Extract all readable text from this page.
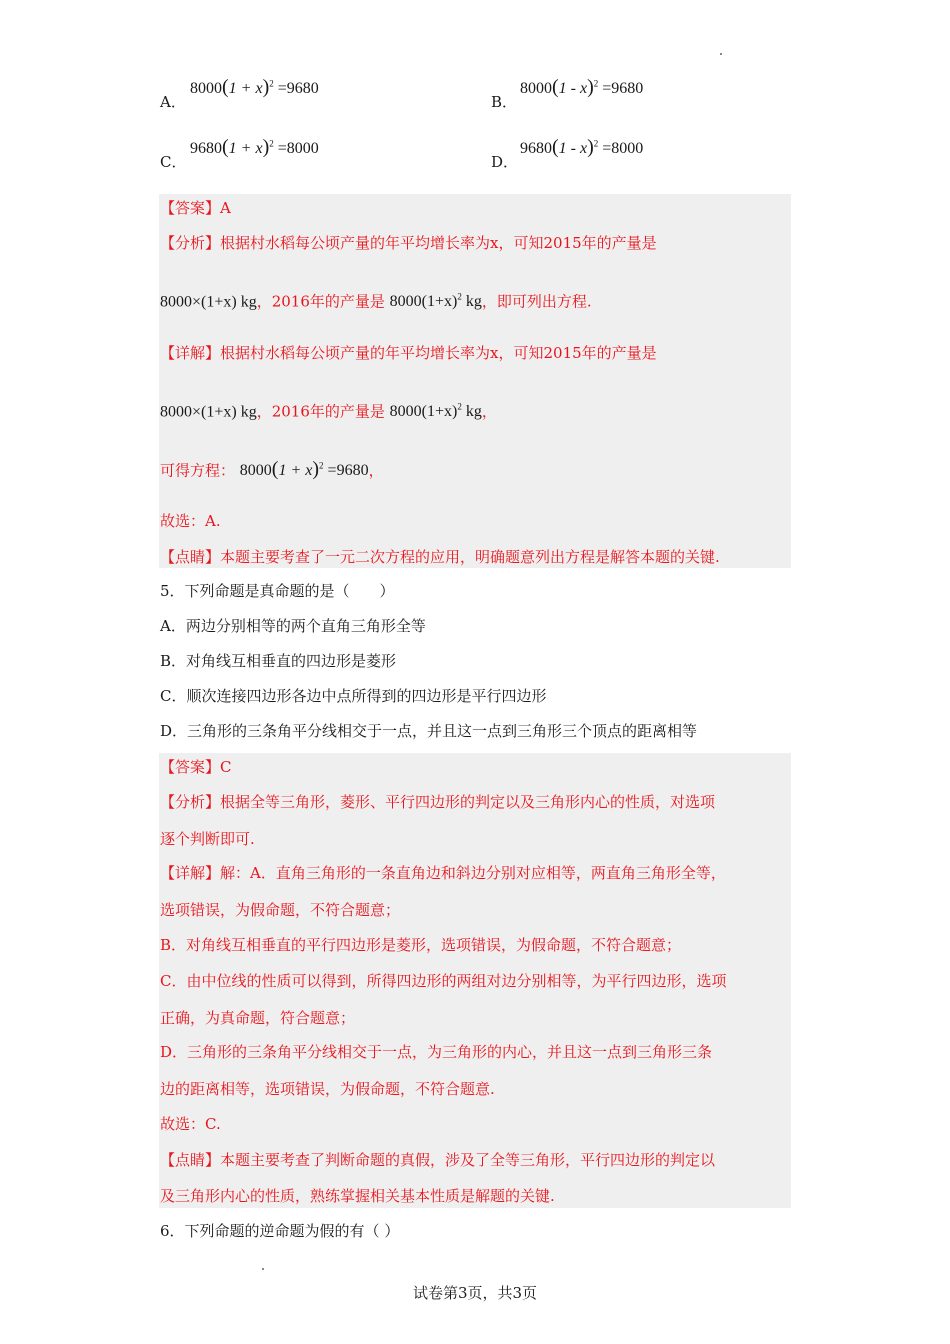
A．
$8000(1 + x)^2 =9680$
B．
8000(1 - x)$^2$ =9680
C．
$9680(1 + x)^2 =8000$
D．
9680(1 - x)$^2$ =8000
【答案】A
【分析】根据村水稻每公顷产量的年平均增长率为x，可知2015年的产量是
8000×(1+x) kg，2016年的产量是 $8000(1+x)^2$ kg，即可列出方程.
【详解】根据村水稻每公顷产量的年平均增长率为x，可知2015年的产量是
8000×(1+x) kg，2016年的产量是 $8000(1+x)^2$ kg，
可得方程： $8000(1 + x)^2 =9680$，
故选：A.
【点睛】本题主要考查了一元二次方程的应用，明确题意列出方程是解答本题的关键.
5．下列命题是真命题的是（　　）
A．两边分别相等的两个直角三角形全等
B．对角线互相垂直的四边形是菱形
C．顺次连接四边形各边中点所得到的四边形是平行四边形
D．三角形的三条角平分线相交于一点，并且这一点到三角形三个顶点的距离相等
【答案】C
【分析】根据全等三角形，菱形、平行四边形的判定以及三角形内心的性质，对选项
逐个判断即可.
【详解】解：A．直角三角形的一条直角边和斜边分别对应相等，两直角三角形全等，
选项错误，为假命题，不符合题意；
B．对角线互相垂直的平行四边形是菱形，选项错误，为假命题，不符合题意；
C．由中位线的性质可以得到，所得四边形的两组对边分别相等，为平行四边形，选项
正确，为真命题，符合题意；
D．三角形的三条角平分线相交于一点，为三角形的内心，并且这一点到三角形三条
边的距离相等，选项错误，为假命题，不符合题意.
故选：C.
【点睛】本题主要考查了判断命题的真假，涉及了全等三角形，平行四边形的判定以
及三角形内心的性质，熟练掌握相关基本性质是解题的关键.
6．下列命题的逆命题为假的有（ ）
试卷第3页，共3页
